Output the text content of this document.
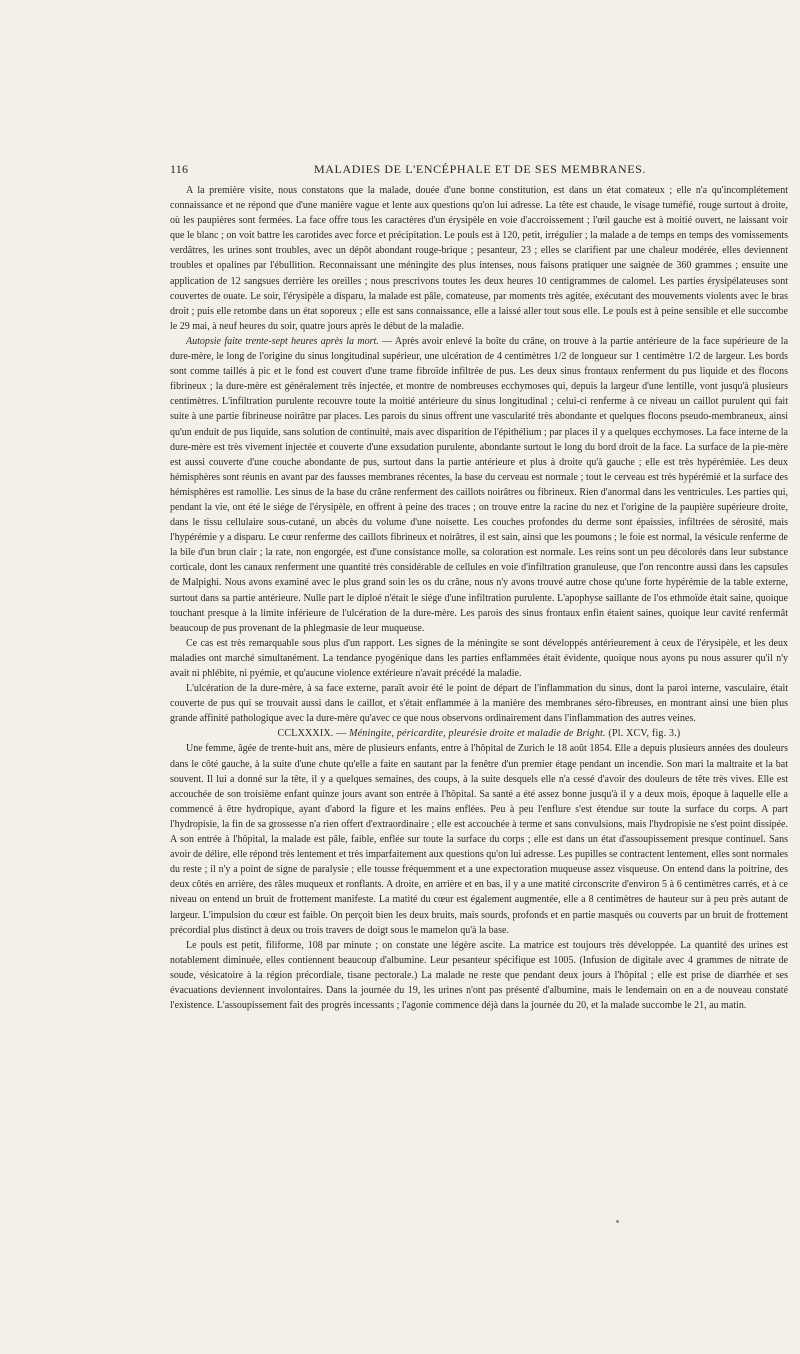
116	MALADIES DE L'ENCÉPHALE ET DE SES MEMBRANES.

A la première visite, nous constatons que la malade, douée d'une bonne constitution, est dans un état comateux ; elle n'a qu'incomplétement connaissance et ne répond que d'une manière vague et lente aux questions qu'on lui adresse. La tête est chaude, le visage tuméfié, rouge surtout à droite, où les paupières sont fermées. La face offre tous les caractères d'un érysipèle en voie d'accroissement ; l'œil gauche est à moitié ouvert, ne laissant voir que le blanc ; on voit battre les carotides avec force et précipitation. Le pouls est à 120, petit, irrégulier ; la malade a de temps en temps des vomissements verdâtres, les urines sont troubles, avec un dépôt abondant rouge-brique ; pesanteur, 23 ; elles se clarifient par une chaleur modérée, elles deviennent troubles et opalines par l'ébullition. Reconnaissant une méningite des plus intenses, nous faisons pratiquer une saignée de 360 grammes ; ensuite une application de 12 sangsues derrière les oreilles ; nous prescrivons toutes les deux heures 10 centigrammes de calomel. Les parties érysipélateuses sont couvertes de ouate. Le soir, l'érysipèle a disparu, la malade est pâle, comateuse, par moments très agitée, exécutant des mouvements violents avec le bras droit ; puis elle retombe dans un état soporeux ; elle est sans connaissance, elle a laissé aller tout sous elle. Le pouls est à peine sensible et elle succombe le 29 mai, à neuf heures du soir, quatre jours après le début de la maladie.

Autopsie faite trente-sept heures après la mort. — Après avoir enlevé la boîte du crâne, on trouve à la partie antérieure de la face supérieure de la dure-mère, le long de l'origine du sinus longitudinal supérieur, une ulcération de 4 centimètres 1/2 de longueur sur 1 centimètre 1/2 de largeur. Les bords sont comme taillés à pic et le fond est couvert d'une trame fibroïde infiltrée de pus. Les deux sinus frontaux renferment du pus liquide et des flocons fibrineux ; la dure-mère est généralement très injectée, et montre de nombreuses ecchymoses qui, depuis la largeur d'une lentille, vont jusqu'à plusieurs centimètres. L'infiltration purulente recouvre toute la moitié antérieure du sinus longitudinal ; celui-ci renferme à ce niveau un caillot purulent qui fait suite à une partie fibrineuse noirâtre par places. Les parois du sinus offrent une vascularité très abondante et quelques flocons pseudo-membraneux, ainsi qu'un enduit de pus liquide, sans solution de continuité, mais avec disparition de l'épithélium ; par places il y a quelques ecchymoses. La face interne de la dure-mère est très vivement injectée et couverte d'une exsudation purulente, abondante surtout le long du bord droit de la face. La surface de la pie-mère est aussi couverte d'une couche abondante de pus, surtout dans la partie antérieure et plus à droite qu'à gauche ; elle est très hypérémiée. Les deux hémisphères sont réunis en avant par des fausses membranes récentes, la base du cerveau est normale ; tout le cerveau est très hypérémié et la surface des hémisphères est ramollie. Les sinus de la base du crâne renferment des caillots noirâtres ou fibrineux. Rien d'anormal dans les ventricules. Les parties qui, pendant la vie, ont été le siége de l'érysipèle, en offrent à peine des traces ; on trouve entre la racine du nez et l'origine de la paupière supérieure droite, dans le tissu cellulaire sous-cutané, un abcès du volume d'une noisette. Les couches profondes du derme sont épaissies, infiltrées de sérosité, mais l'hypérémie y a disparu. Le cœur renferme des caillots fibrineux et noirâtres, il est sain, ainsi que les poumons ; le foie est normal, la vésicule renferme de la bile d'un brun clair ; la rate, non engorgée, est d'une consistance molle, sa coloration est normale. Les reins sont un peu décolorés dans leur substance corticale, dont les canaux renferment une quantité très considérable de cellules en voie d'infiltration granuleuse, que l'on rencontre aussi dans les capsules de Malpighi. Nous avons examiné avec le plus grand soin les os du crâne, nous n'y avons trouvé autre chose qu'une forte hypérémie de la table externe, surtout dans sa partie antérieure. Nulle part le diploé n'était le siége d'une infiltration purulente. L'apophyse saillante de l'os ethmoïde était saine, quoique touchant presque à la limite inférieure de l'ulcération de la dure-mère. Les parois des sinus frontaux enfin étaient saines, quoique leur cavité renfermât beaucoup de pus provenant de la phlegmasie de leur muqueuse.

Ce cas est très remarquable sous plus d'un rapport. Les signes de la méningite se sont développés antérieurement à ceux de l'érysipèle, et les deux maladies ont marché simultanément. La tendance pyogénique dans les parties enflammées était évidente, quoique nous ayons pu nous assurer qu'il n'y avait ni phlébite, ni pyémie, et qu'aucune violence extérieure n'avait précédé la maladie.

L'ulcération de la dure-mère, à sa face externe, paraît avoir été le point de départ de l'inflammation du sinus, dont la paroi interne, vasculaire, était couverte de pus qui se trouvait aussi dans le caillot, et s'était enflammée à la manière des membranes séro-fibreuses, en montrant ainsi une bien plus grande affinité pathologique avec la dure-mère qu'avec ce que nous observons ordinairement dans l'inflammation des autres veines.

CCLXXXIX. — Méningite, péricardite, pleurésie droite et maladie de Bright. (Pl. XCV, fig. 3.)

Une femme, âgée de trente-huit ans, mère de plusieurs enfants, entre à l'hôpital de Zurich le 18 août 1854. Elle a depuis plusieurs années des douleurs dans le côté gauche, à la suite d'une chute qu'elle a faite en sautant par la fenêtre d'un premier étage pendant un incendie. Son mari la maltraite et la bat souvent. Il lui a donné sur la tête, il y a quelques semaines, des coups, à la suite desquels elle n'a cessé d'avoir des douleurs de tête très vives. Elle est accouchée de son troisième enfant quinze jours avant son entrée à l'hôpital. Sa santé a été assez bonne jusqu'à il y a deux mois, époque à laquelle elle a commencé à être hydropique, ayant d'abord la figure et les mains enflées. Peu à peu l'enflure s'est étendue sur toute la surface du corps. A part l'hydropisie, la fin de sa grossesse n'a rien offert d'extraordinaire ; elle est accouchée à terme et sans convulsions, mais l'hydropisie ne s'est point dissipée. A son entrée à l'hôpital, la malade est pâle, faible, enflée sur toute la surface du corps ; elle est dans un état d'assoupissement presque continuel. Sans avoir de délire, elle répond très lentement et très imparfaitement aux questions qu'on lui adresse. Les pupilles se contractent lentement, elles sont normales du reste ; il n'y a point de signe de paralysie ; elle tousse fréquemment et a une expectoration muqueuse assez visqueuse. On entend dans la poitrine, des deux côtés en arrière, des râles muqueux et ronflants. A droite, en arrière et en bas, il y a une matité circonscrite d'environ 5 à 6 centimètres carrés, et à ce niveau on entend un bruit de frottement manifeste. La matité du cœur est également augmentée, elle a 8 centimètres de hauteur sur à peu près autant de largeur. L'impulsion du cœur est faible. On perçoit bien les deux bruits, mais sourds, profonds et en partie masqués ou couverts par un bruit de frottement précordial plus distinct à deux ou trois travers de doigt sous le mamelon qu'à la base.

Le pouls est petit, filiforme, 108 par minute ; on constate une légère ascite. La matrice est toujours très développée. La quantité des urines est notablement diminuée, elles contiennent beaucoup d'albumine. Leur pesanteur spécifique est 1005. (Infusion de digitale avec 4 grammes de nitrate de soude, vésicatoire à la région précordiale, tisane pectorale.) La malade ne reste que pendant deux jours à l'hôpital ; elle est prise de diarrhée et ses évacuations deviennent involontaires. Dans la journée du 19, les urines n'ont pas présenté d'albumine, mais le lendemain on en a de nouveau constaté l'existence. L'assoupissement fait des progrès incessants ; l'agonie commence déjà dans la journée du 20, et la malade succombe le 21, au matin.
